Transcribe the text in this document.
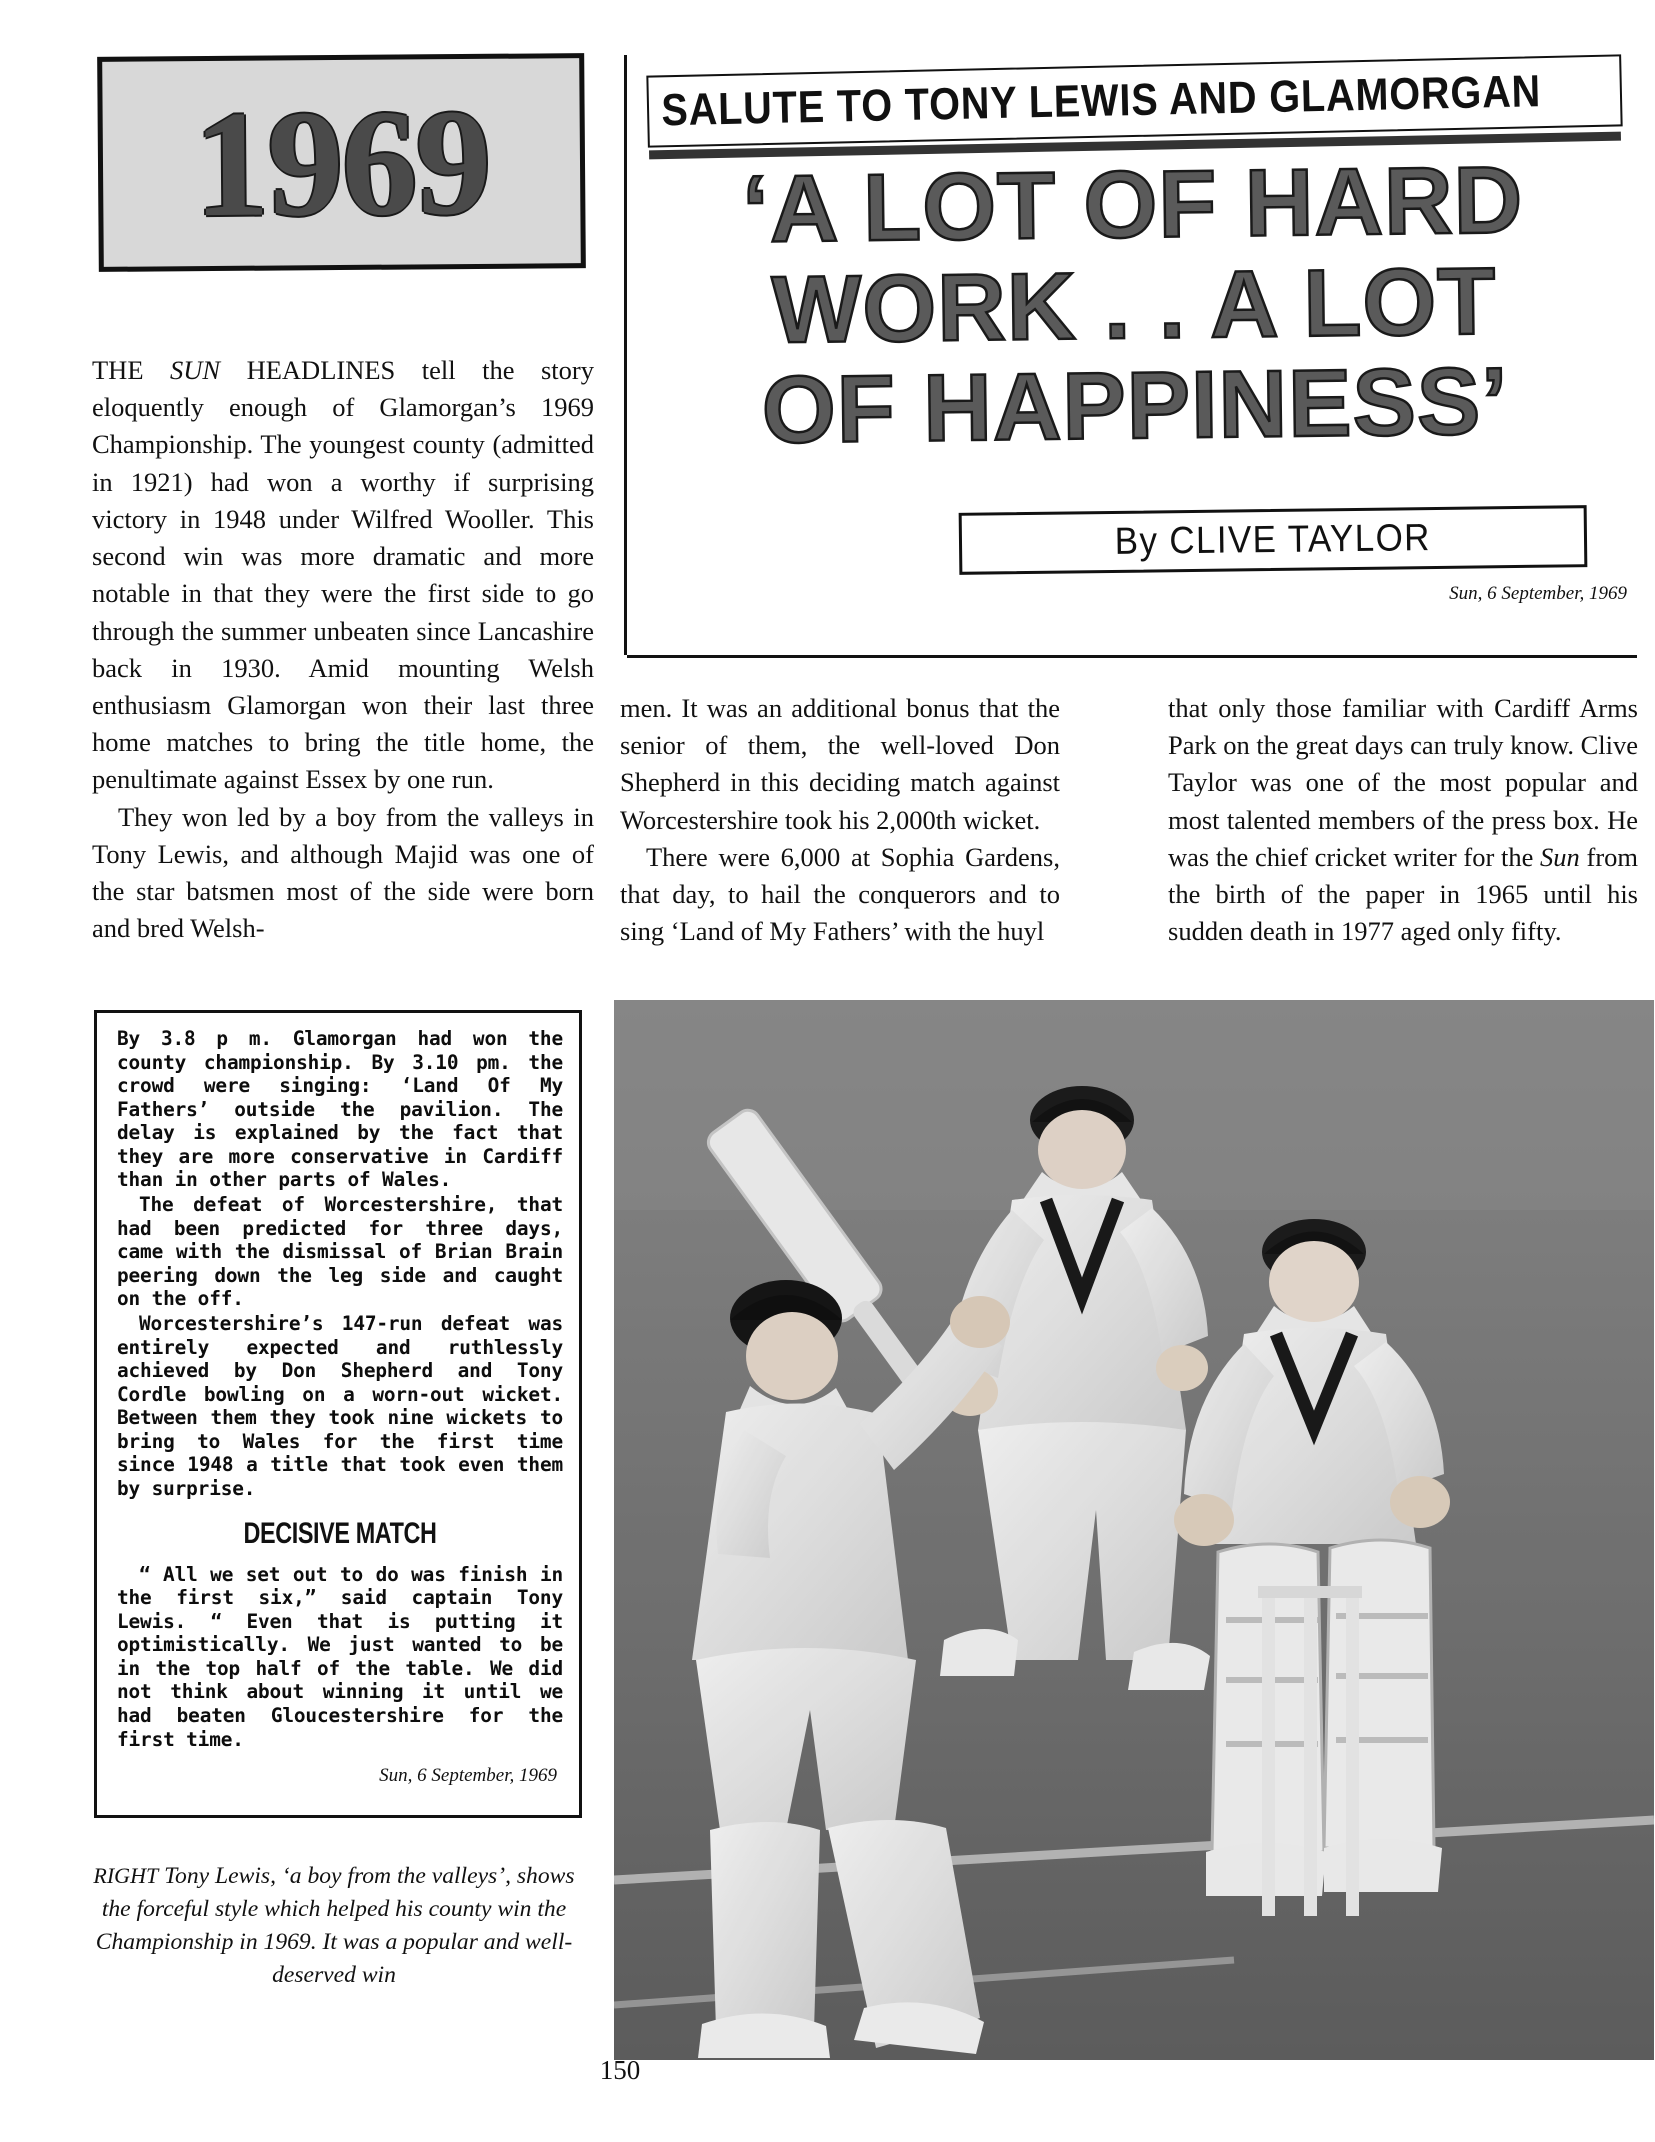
1969

THE SUN HEADLINES tell the story eloquently enough of Glamorgan’s 1969 Championship. The youngest county (admitted in 1921) had won a worthy if surprising victory in 1948 under Wilfred Wooller. This second win was more dramatic and more notable in that they were the first side to go through the summer unbeaten since Lancashire back in 1930. Amid mounting Welsh enthusiasm Glamorgan won their last three home matches to bring the title home, the penultimate against Essex by one run.

They won led by a boy from the valleys in Tony Lewis, and although Majid was one of the star batsmen most of the side were born and bred Welsh-

By 3.8 p m. Glamorgan had won the county championship. By 3.10 pm. the crowd were singing: ‘Land Of My Fathers’ outside the pavilion. The delay is explained by the fact that they are more conservative in Cardiff than in other parts of Wales.

The defeat of Worcestershire, that had been predicted for three days, came with the dismissal of Brian Brain peering down the leg side and caught on the off.

Worcestershire’s 147-run defeat was entirely expected and ruthlessly achieved by Don Shepherd and Tony Cordle bowling on a worn-out wicket. Between them they took nine wickets to bring to Wales for the first time since 1948 a title that took even them by surprise.

DECISIVE MATCH

“ All we set out to do was finish in the first six,” said captain Tony Lewis. “ Even that is putting it optimistically. We just wanted to be in the top half of the table. We did not think about winning it until we had beaten Gloucestershire for the first time.

Sun, 6 September, 1969
RIGHT Tony Lewis, ‘a boy from the valleys’, shows the forceful style which helped his county win the Championship in 1969. It was a popular and well-deserved win
SALUTE TO TONY LEWIS AND GLAMORGAN
‘A LOT OF HARD
WORK . . A LOT
OF HAPPINESS’
By CLIVE TAYLOR
Sun, 6 September, 1969

men. It was an additional bonus that the senior of them, the well-loved Don Shepherd in this deciding match against Worcestershire took his 2,000th wicket.

There were 6,000 at Sophia Gardens, that day, to hail the conquerors and to sing ‘Land of My Fathers’ with the huyl

that only those familiar with Cardiff Arms Park on the great days can truly know. Clive Taylor was one of the most popular and most talented members of the press box. He was the chief cricket writer for the Sun from the birth of the paper in 1965 until his sudden death in 1977 aged only fifty.

150
